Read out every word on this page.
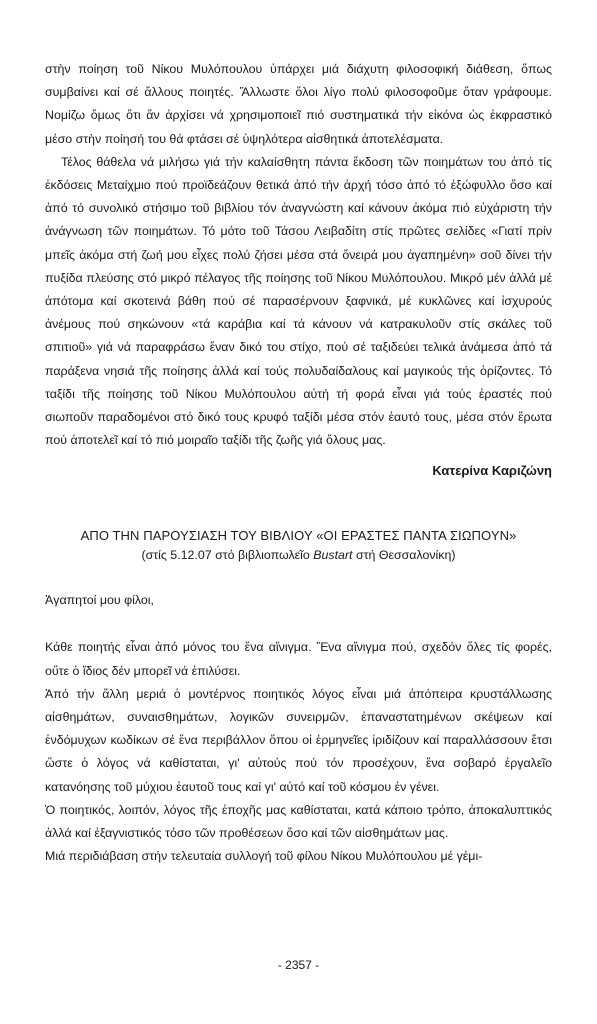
στὴν ποίηση τοῦ Νίκου Μυλόπουλου ὑπάρχει μιά διάχυτη φιλοσοφική διάθεση, ὅπως συμβαίνει καί σέ ἄλλους ποιητές. Ἄλλωστε ὅλοι λίγο πολύ φιλοσοφοῦμε ὅταν γράφουμε. Νομίζω ὅμως ὅτι ἄν ἀρχίσει νά χρησιμοποιεῖ πιό συστηματικά τήν εἰκόνα ὡς ἐκφραστικό μέσο στὴν ποίησή του θά φτάσει σέ ὑψηλότερα αἰσθητικά ἀποτελέσματα.

Τέλος θάθελα νά μιλήσω γιά τήν καλαίσθητη πάντα ἔκδοση τῶν ποιημάτων του ἀπό τίς ἐκδόσεις Μεταίχμιο πού προϊδεάζουν θετικά ἀπό τήν ἀρχή τόσο ἀπό τό ἐξώφυλλο ὅσο καί ἀπό τό συνολικό στήσιμο τοῦ βιβλίου τόν ἀναγνώστη καί κάνουν ἀκόμα πιό εὐχάριστη τήν ἀνάγνωση τῶν ποιημάτων. Τό μότο τοῦ Τάσου Λειβαδίτη στίς πρῶτες σελίδες «Γιατί πρίν μπεῖς ἀκόμα στή ζωή μου εἶχες πολύ ζήσει μέσα στά ὄνειρά μου ἀγαπημένη» σοῦ δίνει τήν πυξίδα πλεύσης στό μικρό πέλαγος τῆς ποίησης τοῦ Νίκου Μυλόπουλου. Μικρό μέν ἀλλά μέ ἀπότομα καί σκοτεινά βάθη πού σέ παρασέρνουν ξαφνικά, μέ κυκλῶνες καί ἰσχυρούς ἀνέμους πού σηκώνουν «τά καράβια καί τά κάνουν νά κατρακυλοῦν στίς σκάλες τοῦ σπιτιοῦ» γιά νά παραφράσω ἕναν δικό του στίχο, πού σέ ταξιδεύει τελικά ἀνάμεσα ἀπό τά παράξενα νησιά τῆς ποίησης ἀλλά καί τούς πολυδαίδαλους καί μαγικούς τής ὁρίζοντες. Τό ταξίδι τῆς ποίησης τοῦ Νίκου Μυλόπουλου αὐτή τή φορά εἶναι γιά τούς ἐραστές πού σιωποῦν παραδομένοι στό δικό τους κρυφό ταξίδι μέσα στόν ἑαυτό τους, μέσα στόν ἔρωτα πού ἀποτελεῖ καί τό πιό μοιραῖο ταξίδι τῆς ζωῆς γιά ὅλους μας.

Κατερίνα Καριζώνη
ΑΠΟ ΤΗΝ ΠΑΡΟΥΣΙΑΣΗ ΤΟΥ ΒΙΒΛΙΟΥ «ΟΙ ΕΡΑΣΤΕΣ ΠΑΝΤΑ ΣΙΩΠΟΥΝ»
(στίς 5.12.07 στό βιβλιοπωλεῖο Bustart στή Θεσσαλονίκη)
Ἀγαπητοί μου φίλοι,

Κάθε ποιητής εἶναι ἀπό μόνος του ἕνα αἴνιγμα. Ἕνα αἴνιγμα πού, σχεδόν ὅλες τίς φορές, οὔτε ὁ ἴδιος δέν μπορεῖ νά ἐπιλύσει.

Ἀπό τήν ἄλλη μεριά ὁ μοντέρνος ποιητικός λόγος εἶναι μιά ἀπόπειρα κρυστάλλωσης αἰσθημάτων, συναισθημάτων, λογικῶν συνειρμῶν, ἐπαναστατημένων σκέψεων καί ἐνδόμυχων κωδίκων σέ ἕνα περιβάλλον ὅπου οἱ ἑρμηνεῖες ἰριδίζουν καί παραλλάσσουν ἔτσι ὥστε ὁ λόγος νά καθίσταται, γι' αὐτούς πού τόν προσέχουν, ἕνα σοβαρό ἐργαλεῖο κατανόησης τοῦ μύχιου ἑαυτοῦ τους καί γι' αὐτό καί τοῦ κόσμου ἐν γένει.

Ὁ ποιητικός, λοιπόν, λόγος τῆς ἐποχῆς μας καθίσταται, κατά κάποιο τρόπο, ἀποκαλυπτικός ἀλλά καί ἐξαγνιστικός τόσο τῶν προθέσεων ὅσο καί τῶν αἰσθημάτων μας.

Μιά περιδιάβαση στήν τελευταία συλλογή τοῦ φίλου Νίκου Μυλόπουλου μέ γέμι-

- 2357 -
